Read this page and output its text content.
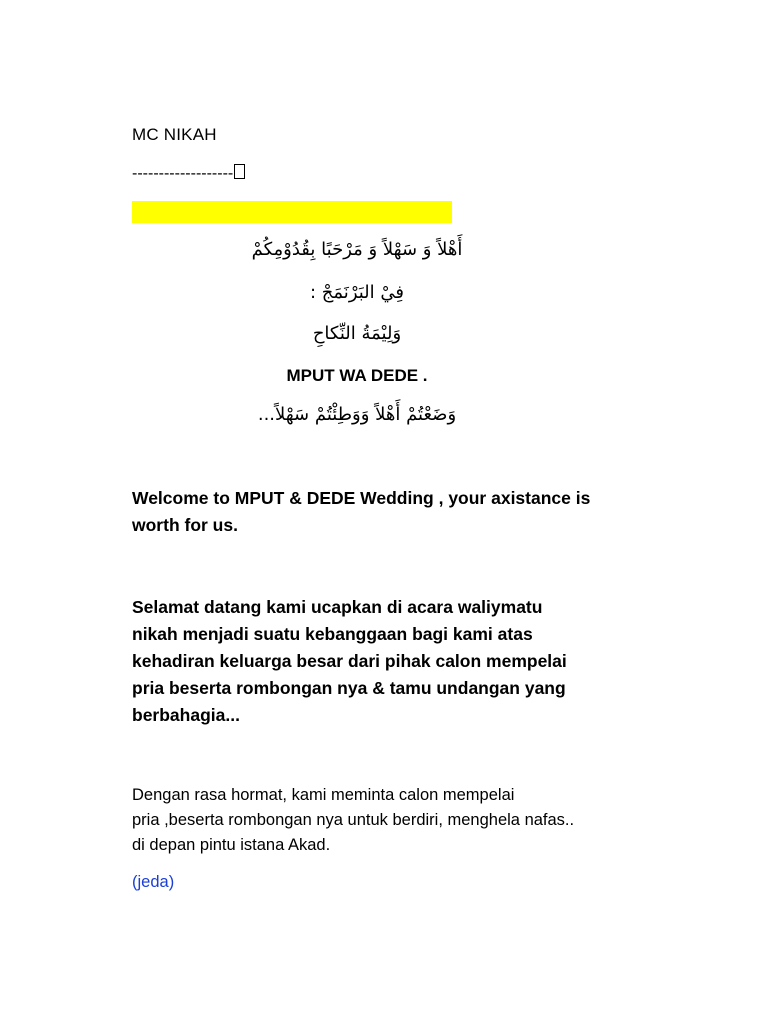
MC NIKAH
-------------------
أَهْلاً وَ سَهْلاً وَ مَرْحَبًا بِقُدُوْمِكُمْ
فِيْ البَرْنَمَجْ :
وَلِيْمَةُ النِّكاحِ
MPUT WA DEDE .
وَضَعْتُمْ أَهْلاً وَوَطِئْتُمْ سَهْلاً...
Welcome to MPUT & DEDE Wedding , your axistance is
worth for us.
Selamat datang kami ucapkan di acara waliymatu
nikah menjadi suatu kebanggaan bagi kami atas
kehadiran keluarga besar dari pihak calon mempelai
pria beserta rombongan nya & tamu undangan yang
berbahagia...
Dengan rasa hormat, kami meminta calon mempelai
pria ,beserta rombongan nya untuk berdiri, menghela nafas..
di depan pintu istana Akad.
(jeda)
